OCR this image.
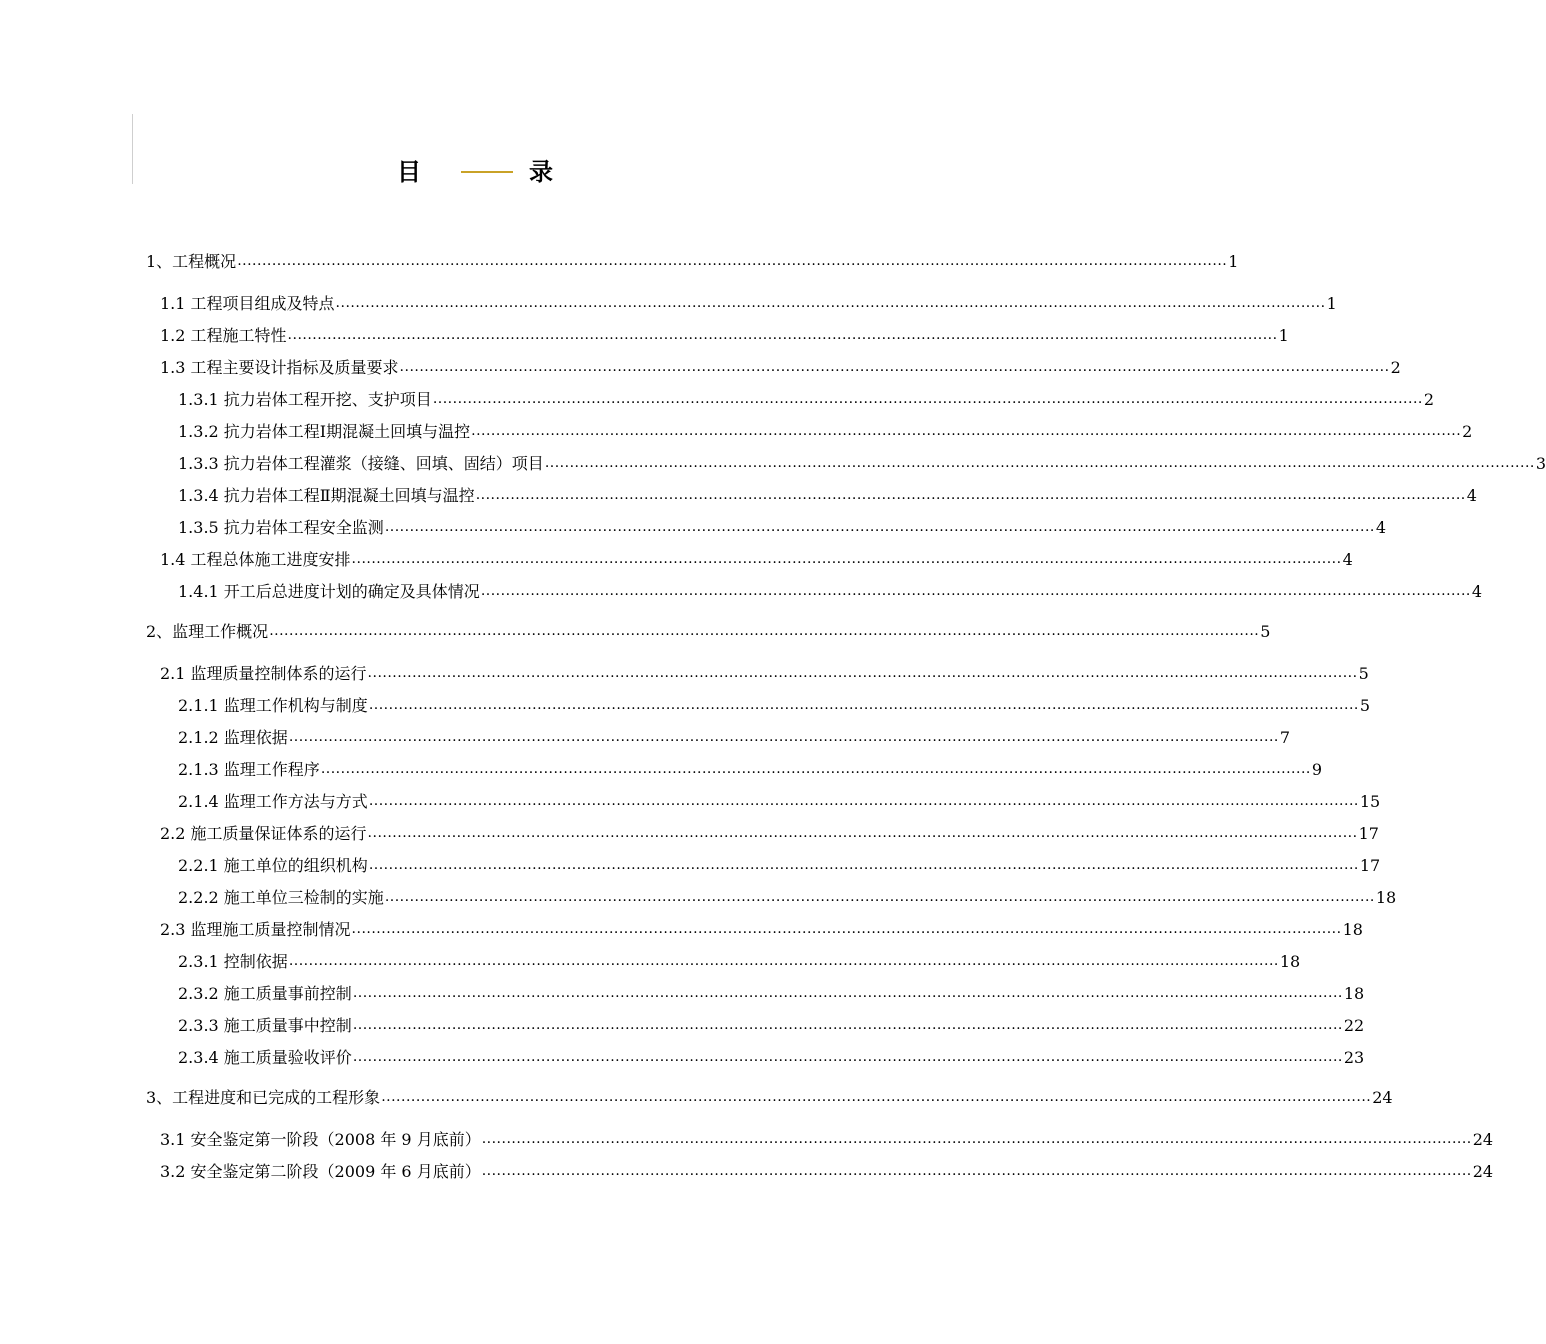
目	录
1、工程概况 ........................................................................................................................................................................................................ 1
1.1 工程项目组成及特点 ........................................................................................................................................................................................................ 1
1.2 工程施工特性 ........................................................................................................................................................................................................ 1
1.3 工程主要设计指标及质量要求 ........................................................................................................................................................................................................ 2
1.3.1 抗力岩体工程开挖、支护项目 ........................................................................................................................................................................................................ 2
1.3.2 抗力岩体工程Ⅰ期混凝土回填与温控 ........................................................................................................................................................................................................ 2
1.3.3 抗力岩体工程灌浆（接缝、回填、固结）项目 ........................................................................................................................................................................................................ 3
1.3.4 抗力岩体工程Ⅱ期混凝土回填与温控 ........................................................................................................................................................................................................ 4
1.3.5 抗力岩体工程安全监测 ........................................................................................................................................................................................................ 4
1.4 工程总体施工进度安排 ........................................................................................................................................................................................................ 4
1.4.1 开工后总进度计划的确定及具体情况 ........................................................................................................................................................................................................ 4
2、监理工作概况 ........................................................................................................................................................................................................ 5
2.1 监理质量控制体系的运行 ........................................................................................................................................................................................................ 5
2.1.1 监理工作机构与制度 ........................................................................................................................................................................................................ 5
2.1.2 监理依据 ........................................................................................................................................................................................................ 7
2.1.3 监理工作程序 ........................................................................................................................................................................................................ 9
2.1.4 监理工作方法与方式 ........................................................................................................................................................................................................ 15
2.2 施工质量保证体系的运行 ........................................................................................................................................................................................................ 17
2.2.1 施工单位的组织机构 ........................................................................................................................................................................................................ 17
2.2.2 施工单位三检制的实施 ........................................................................................................................................................................................................ 18
2.3 监理施工质量控制情况 ........................................................................................................................................................................................................ 18
2.3.1 控制依据 ........................................................................................................................................................................................................ 18
2.3.2 施工质量事前控制 ........................................................................................................................................................................................................ 18
2.3.3 施工质量事中控制 ........................................................................................................................................................................................................ 22
2.3.4 施工质量验收评价 ........................................................................................................................................................................................................ 23
3、工程进度和已完成的工程形象 ........................................................................................................................................................................................................ 24
3.1 安全鉴定第一阶段（2008 年 9 月底前） ........................................................................................................................................................................................................ 24
3.2 安全鉴定第二阶段（2009 年 6 月底前） ........................................................................................................................................................................................................ 24
